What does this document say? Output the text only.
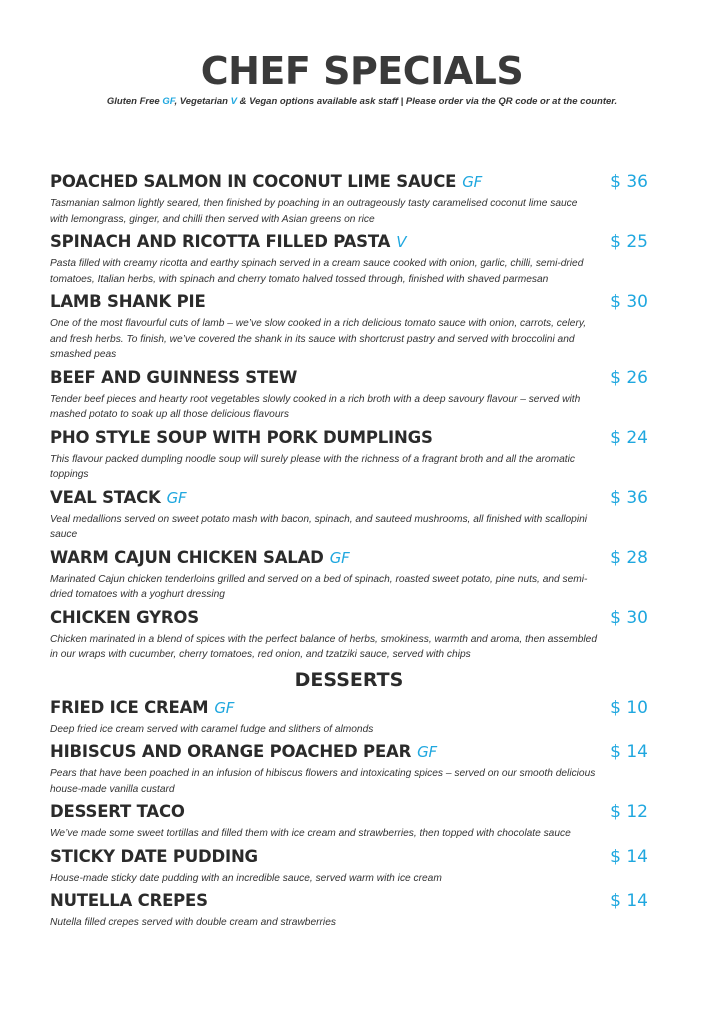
CHEF SPECIALS

Gluten Free GF, Vegetarian V & Vegan options available ask staff | Please order via the QR code or at the counter.

POACHED SALMON IN COCONUT LIME SAUCE GF	$ 36

Tasmanian salmon lightly seared, then finished by poaching in an outrageously tasty caramelised coconut lime sauce with lemongrass, ginger, and chilli then served with Asian greens on rice

SPINACH AND RICOTTA FILLED PASTA V	$ 25

Pasta filled with creamy ricotta and earthy spinach served in a cream sauce cooked with onion, garlic, chilli, semi-dried tomatoes, Italian herbs, with spinach and cherry tomato halved tossed through, finished with shaved parmesan

LAMB SHANK PIE	$ 30

One of the most flavourful cuts of lamb – we’ve slow cooked in a rich delicious tomato sauce with onion, carrots, celery, and fresh herbs. To finish, we’ve covered the shank in its sauce with shortcrust pastry and served with broccolini and smashed peas

BEEF AND GUINNESS STEW	$ 26

Tender beef pieces and hearty root vegetables slowly cooked in a rich broth with a deep savoury flavour – served with mashed potato to soak up all those delicious flavours

PHO STYLE SOUP WITH PORK DUMPLINGS	$ 24

This flavour packed dumpling noodle soup will surely please with the richness of a fragrant broth and all the aromatic toppings

VEAL STACK GF	$ 36

Veal medallions served on sweet potato mash with bacon, spinach, and sauteed mushrooms, all finished with scallopini sauce

WARM CAJUN CHICKEN SALAD GF	$ 28

Marinated Cajun chicken tenderloins grilled and served on a bed of spinach, roasted sweet potato, pine nuts, and semi-dried tomatoes with a yoghurt dressing

CHICKEN GYROS	$ 30

Chicken marinated in a blend of spices with the perfect balance of herbs, smokiness, warmth and aroma, then assembled in our wraps with cucumber, cherry tomatoes, red onion, and tzatziki sauce, served with chips

DESSERTS
FRIED ICE CREAM GF	$ 10

Deep fried ice cream served with caramel fudge and slithers of almonds

HIBISCUS AND ORANGE POACHED PEAR GF	$ 14

Pears that have been poached in an infusion of hibiscus flowers and intoxicating spices – served on our smooth delicious house-made vanilla custard

DESSERT TACO	$ 12

We’ve made some sweet tortillas and filled them with ice cream and strawberries, then topped with chocolate sauce

STICKY DATE PUDDING	$ 14

House-made sticky date pudding with an incredible sauce, served warm with ice cream

NUTELLA CREPES	$ 14

Nutella filled crepes served with double cream and strawberries
